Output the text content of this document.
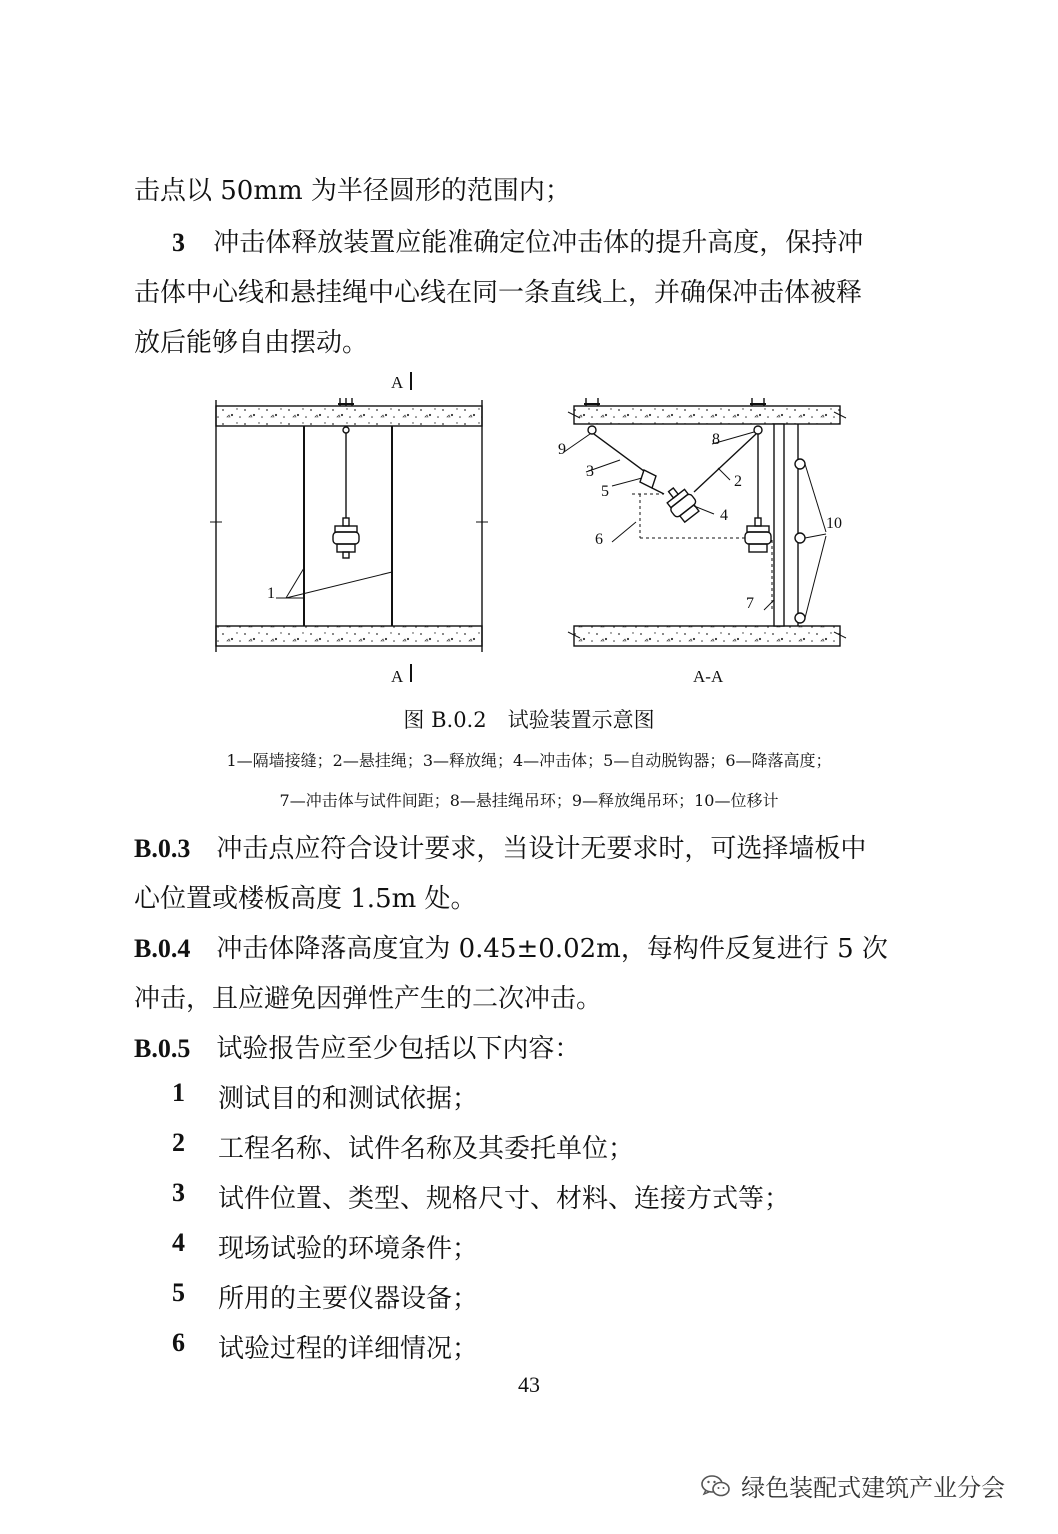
击点以 50mm 为半径圆形的范围内；
3 冲击体释放装置应能准确定位冲击体的提升高度，保持冲
击体中心线和悬挂绳中心线在同一条直线上，并确保冲击体被释
放后能够自由摆动。
A
A	A-A
1
2
3
4
5
6
7
8
9
10
图 B.0.2　试验装置示意图
1—隔墙接缝；2—悬挂绳；3—释放绳；4—冲击体；5—自动脱钩器；6—降落高度；
7—冲击体与试件间距；8—悬挂绳吊环；9—释放绳吊环；10—位移计
B.0.3 冲击点应符合设计要求，当设计无要求时，可选择墙板中
心位置或楼板高度 1.5m 处。
B.0.4 冲击体降落高度宜为 0.45±0.02m，每构件反复进行 5 次
冲击，且应避免因弹性产生的二次冲击。
B.0.5 试验报告应至少包括以下内容：
1 测试目的和测试依据；
2 工程名称、试件名称及其委托单位；
3 试件位置、类型、规格尺寸、材料、连接方式等；
4 现场试验的环境条件；
5 所用的主要仪器设备；
6 试验过程的详细情况；
43
绿色装配式建筑产业分会
